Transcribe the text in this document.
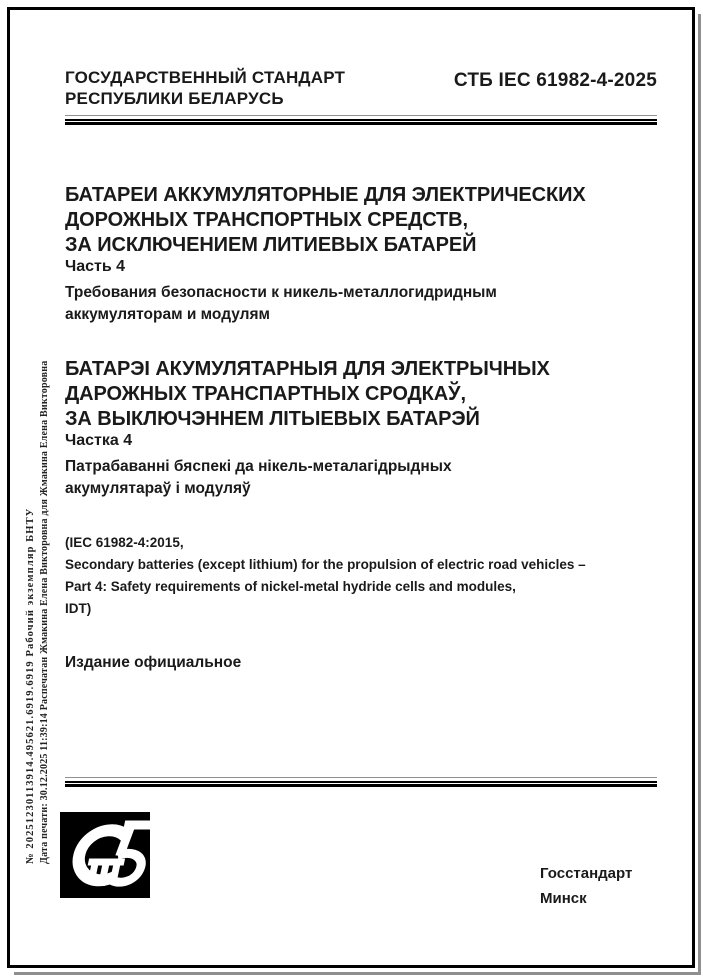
ГОСУДАРСТВЕННЫЙ СТАНДАРТ
РЕСПУБЛИКИ БЕЛАРУСЬ
СТБ IEC 61982-4-2025
БАТАРЕИ АККУМУЛЯТОРНЫЕ ДЛЯ ЭЛЕКТРИЧЕСКИХ
ДОРОЖНЫХ ТРАНСПОРТНЫХ СРЕДСТВ,
ЗА ИСКЛЮЧЕНИЕМ ЛИТИЕВЫХ БАТАРЕЙ
Часть 4
Требования безопасности к никель-металлогидридным
аккумуляторам и модулям
БАТАРЭІ АКУМУЛЯТАРНЫЯ ДЛЯ ЭЛЕКТРЫЧНЫХ
ДАРОЖНЫХ ТРАНСПАРТНЫХ СРОДКАЎ,
ЗА ВЫКЛЮЧЭННЕМ ЛІТЫЕВЫХ БАТАРЭЙ
Частка 4
Патрабаванні бяспекі да нікель-металагідрыдных
акумулятараў і модуляў
(IEC 61982-4:2015,
Secondary batteries (except lithium) for the propulsion of electric road vehicles –
Part 4: Safety requirements of nickel-metal hydride cells and modules,
IDT)
Издание официальное
Госстандарт
Минск
№ 20251230113914.495621.6919.6919 Рабочий экземпляр БНТУ Дата печати: 30.12.2025 11:39:14 Распечатан Жмакина Елена Викторовна для Жмакина Елена Викторовна
